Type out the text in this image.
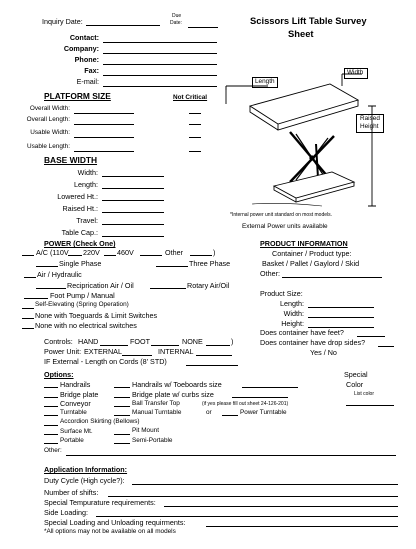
Inquiry Date:
Due
Date:	Scissors Lift Table Survey
Sheet
Contact:
Company:
Phone:
Fax:
E-mail:
PLATFORM SIZE	Not Critical
Overall Width:
Overall Length:
Usable Width:
Usable Length:
BASE WIDTH
Width:
Length:
Lowered Ht.:
Raised Ht.:
Travel:
Table Cap.:
Length
Width
Raised
Height
*Internal power unit standard on most models.
External Power units available
POWER (Check One)
A/C (110V 220V 460V	Other	)
Single Phase	Three Phase
Air / Hydraulic
Reciprication Air / Oil	Rotary Air/Oil
Foot Pump / Manual
Self-Elevating (Spring Operation)
None with Toeguards & Limit Switches
None with no electrical switches
PRODUCT INFORMATION
Container / Product type:
Basket / Pallet / Gaylord / Skid
Other:
Product Size:
Length:
Width:
Height:
Does container have feet?
Does container have drop sides?
Yes / No
Controls: HAND	FOOT	NONE	)
Power Unit: EXTERNAL	INTERNAL
IF External - Length on Cords (8' STD)
Options:	Special
Color
List color
Handrails	Handrails w/ Toeboards size
Bridge plate	Bridge plate w/ curbs size
Conveyor	Ball Transfer Top	(if yes please fill out sheet 24-126-201)
Turntable	Manual Turntable	or	Power Turntable
Accordion Skirting (Bellows)
Surface Mt.	Pit Mount
Portable	Semi-Portable
Other:
Application Information:
Duty Cycle (High cycle?):
Number of shifts:
Special Tempurature requirements:
Side Loading:
Special Loading and Unloading requirments:
*All options may not be available on all models
